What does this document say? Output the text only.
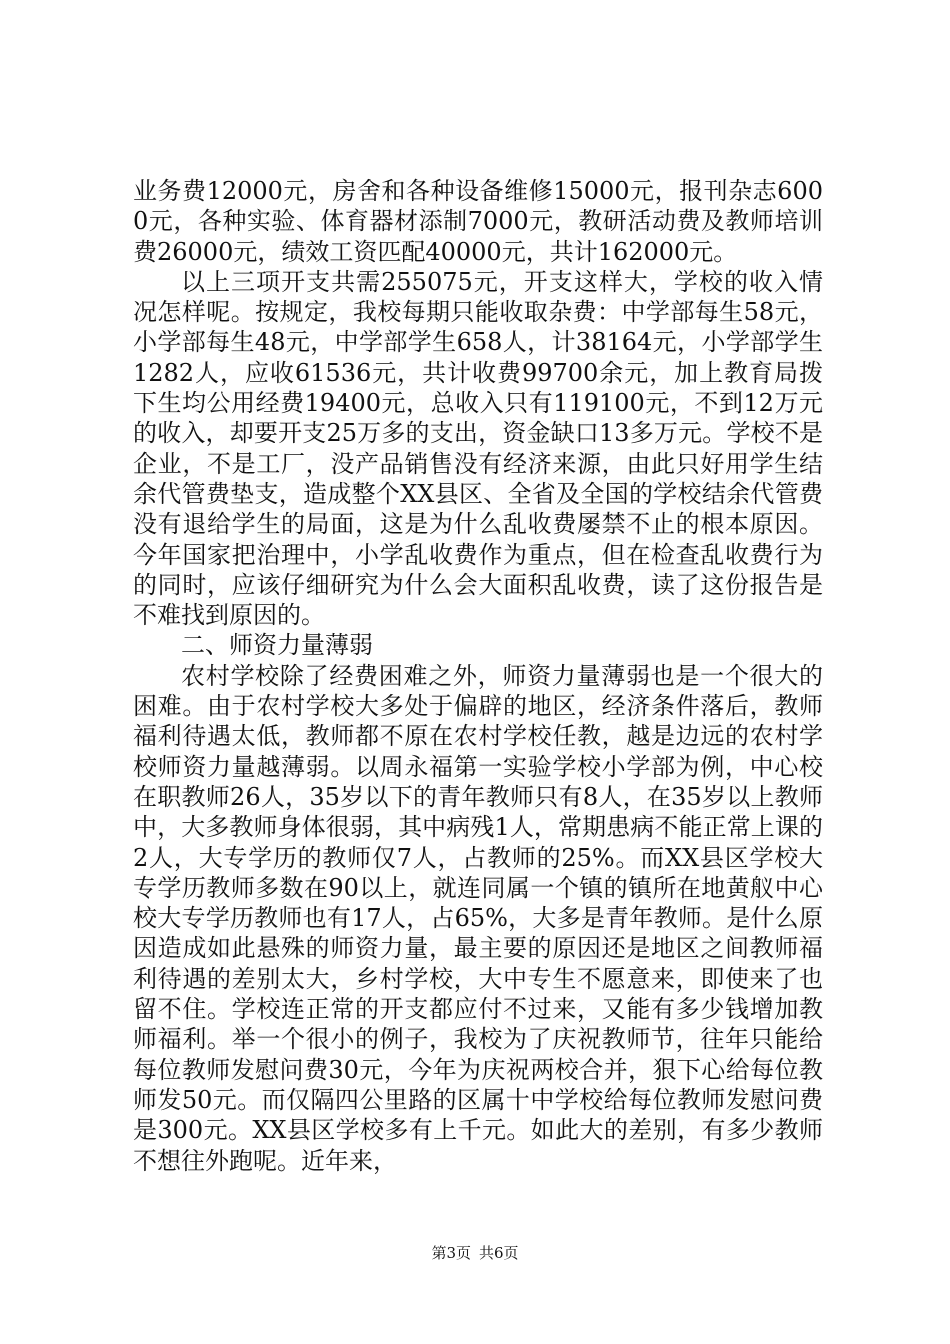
业务费12000元，房舍和各种设备维修15000元，报刊杂志6000元，各种实验、体育器材添制7000元，教研活动费及教师培训费26000元，绩效工资匹配40000元，共计162000元。

以上三项开支共需255075元，开支这样大，学校的收入情况怎样呢。按规定，我校每期只能收取杂费：中学部每生58元，小学部每生48元，中学部学生658人，计38164元，小学部学生1282人，应收61536元，共计收费99700余元，加上教育局拨下生均公用经费19400元，总收入只有119100元，不到12万元的收入，却要开支25万多的支出，资金缺口13多万元。学校不是企业，不是工厂，没产品销售没有经济来源，由此只好用学生结余代管费垫支，造成整个XX县区、全省及全国的学校结余代管费没有退给学生的局面，这是为什么乱收费屡禁不止的根本原因。今年国家把治理中，小学乱收费作为重点，但在检查乱收费行为的同时，应该仔细研究为什么会大面积乱收费，读了这份报告是不难找到原因的。

二、师资力量薄弱

农村学校除了经费困难之外，师资力量薄弱也是一个很大的困难。由于农村学校大多处于偏辟的地区，经济条件落后，教师福利待遇太低，教师都不原在农村学校任教，越是边远的农村学校师资力量越薄弱。以周永福第一实验学校小学部为例，中心校在职教师26人，35岁以下的青年教师只有8人，在35岁以上教师中，大多教师身体很弱，其中病残1人，常期患病不能正常上课的2人，大专学历的教师仅7人，占教师的25%。而XX县区学校大专学历教师多数在90以上，就连同属一个镇的镇所在地黄舣中心校大专学历教师也有17人，占65%，大多是青年教师。是什么原因造成如此悬殊的师资力量，最主要的原因还是地区之间教师福利待遇的差别太大，乡村学校，大中专生不愿意来，即使来了也留不住。学校连正常的开支都应付不过来，又能有多少钱增加教师福利。举一个很小的例子，我校为了庆祝教师节，往年只能给每位教师发慰问费30元，今年为庆祝两校合并，狠下心给每位教师发50元。而仅隔四公里路的区属十中学校给每位教师发慰问费是300元。XX县区学校多有上千元。如此大的差别，有多少教师不想往外跑呢。近年来，

第3页 共6页
